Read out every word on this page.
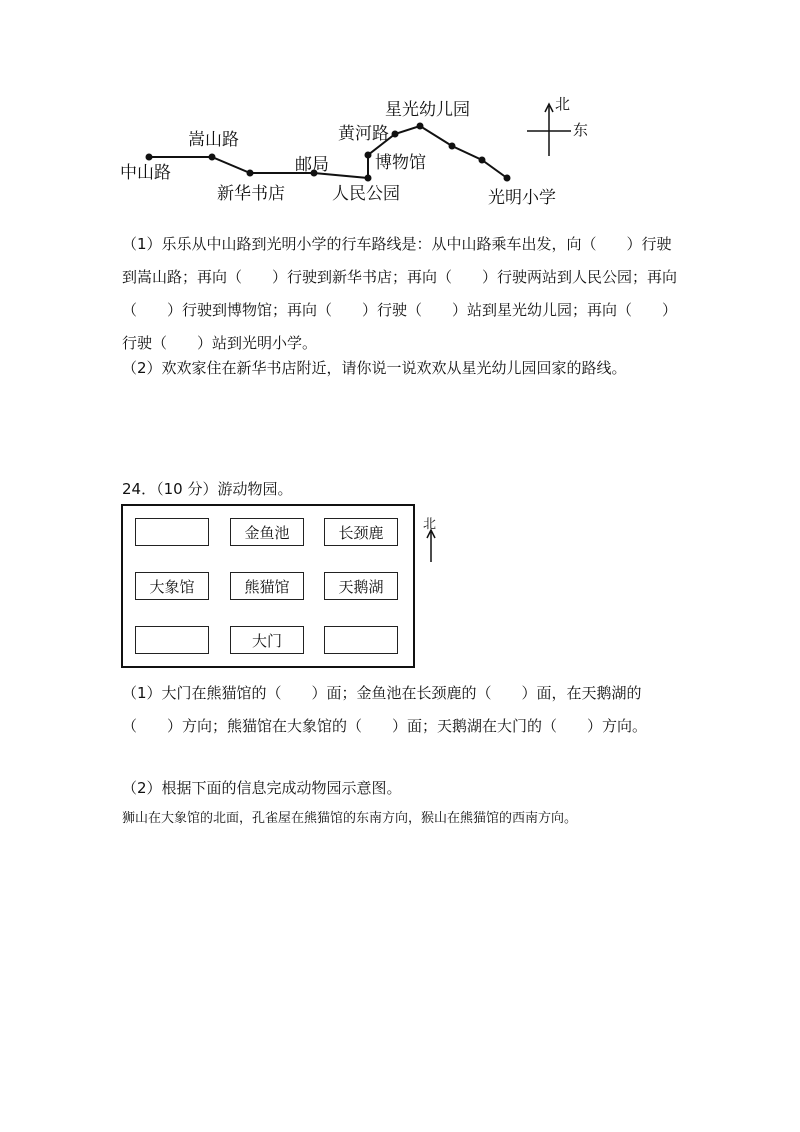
中山路
嵩山路
新华书店
邮局
人民公园
博物馆
黄河路
星光幼儿园
光明小学
北
东
（1）乐乐从中山路到光明小学的行车路线是：从中山路乘车出发，向（　　）行驶到嵩山路；再向（　　）行驶到新华书店；再向（　　）行驶两站到人民公园；再向（　　）行驶到博物馆；再向（　　）行驶（　　）站到星光幼儿园；再向（　　）行驶（　　）站到光明小学。
（2）欢欢家住在新华书店附近，请你说一说欢欢从星光幼儿园回家的路线。
24．（10 分）游动物园。
金鱼池	长颈鹿
大象馆	熊猫馆	天鹅湖
大门
北
（1）大门在熊猫馆的（　　）面；金鱼池在长颈鹿的（　　）面，在天鹅湖的（　　）方向；熊猫馆在大象馆的（　　）面；天鹅湖在大门的（　　）方向。
（2）根据下面的信息完成动物园示意图。
狮山在大象馆的北面，孔雀屋在熊猫馆的东南方向，猴山在熊猫馆的西南方向。
